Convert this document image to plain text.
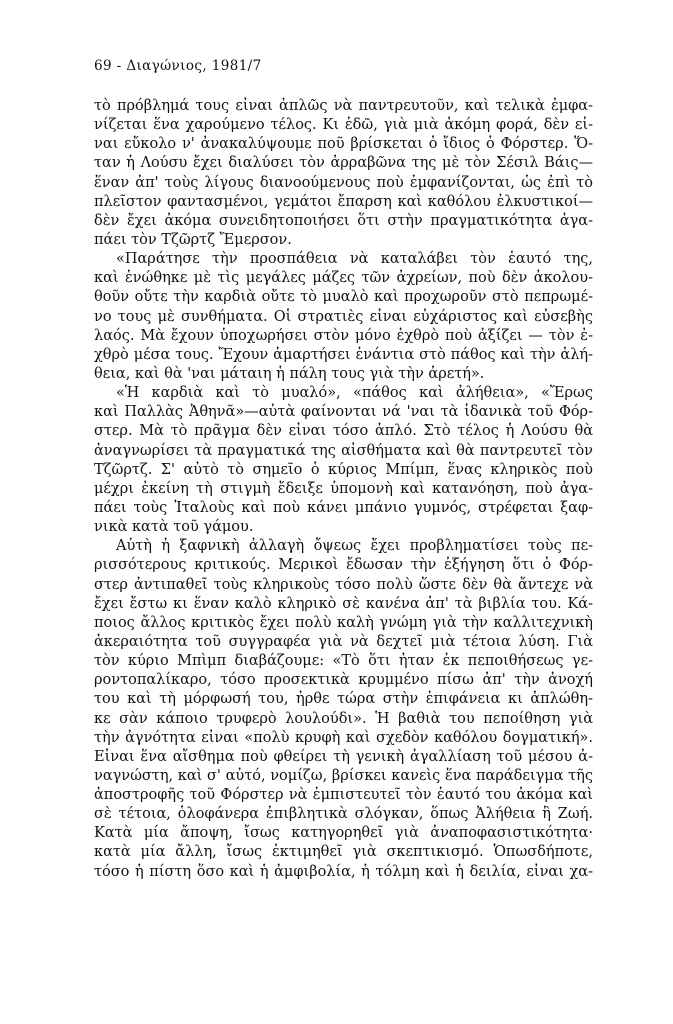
69 - Διαγώνιος, 1981/7
τὸ πρόβλημά τους εἶναι ἁπλῶς νὰ παντρευτοῦν, καὶ τελικὰ ἐμφα-
νίζεται ἕνα χαρούμενο τέλος. Κι ἐδῶ, γιὰ μιὰ ἀκόμη φορά, δὲν εἶ-
ναι εὔκολο ν' ἀνακαλύψουμε ποῦ βρίσκεται ὁ ἴδιος ὁ Φόρστερ. Ὅ-
ταν ἡ Λούσυ ἔχει διαλύσει τὸν ἀρραβῶνα της μὲ τὸν Σέσιλ Βάις—
ἕναν ἀπ' τοὺς λίγους διανοούμενους ποὺ ἐμφανίζονται, ὡς ἐπὶ τὸ
πλεῖστον φαντασμένοι, γεμάτοι ἔπαρση καὶ καθόλου ἑλκυστικοί—
δὲν ἔχει ἀκόμα συνειδητοποιήσει ὅτι στὴν πραγματικότητα ἀγα-
πάει τὸν Τζῶρτζ Ἔμερσον.
«Παράτησε τὴν προσπάθεια νὰ καταλάβει τὸν ἑαυτό της,
καὶ ἑνώθηκε μὲ τὶς μεγάλες μάζες τῶν ἀχρείων, ποὺ δὲν ἀκολου-
θοῦν οὔτε τὴν καρδιὰ οὔτε τὸ μυαλὸ καὶ προχωροῦν στὸ πεπρωμέ-
νο τους μὲ συνθήματα. Οἱ στρατιὲς εἶναι εὐχάριστος καὶ εὐσεβὴς
λαός. Μὰ ἔχουν ὑποχωρήσει στὸν μόνο ἐχθρὸ ποὺ ἀξίζει — τὸν ἐ-
χθρὸ μέσα τους. Ἔχουν ἁμαρτήσει ἐνάντια στὸ πάθος καὶ τὴν ἀλή-
θεια, καὶ θὰ 'ναι μάταιη ἡ πάλη τους γιὰ τὴν ἀρετή».
«Ἡ καρδιὰ καὶ τὸ μυαλό», «πάθος καὶ ἀλήθεια», «Ἔρως
καὶ Παλλὰς Ἀθηνᾶ»—αὐτὰ φαίνονται νά 'ναι τὰ ἰδανικὰ τοῦ Φόρ-
στερ. Μὰ τὸ πρᾶγμα δὲν εἶναι τόσο ἁπλό. Στὸ τέλος ἡ Λούσυ θὰ
ἀναγνωρίσει τὰ πραγματικά της αἰσθήματα καὶ θὰ παντρευτεῖ τὸν
Τζῶρτζ. Σ' αὐτὸ τὸ σημεῖο ὁ κύριος Μπίμπ, ἕνας κληρικὸς ποὺ
μέχρι ἐκείνη τὴ στιγμὴ ἔδειξε ὑπομονὴ καὶ κατανόηση, ποὺ ἀγα-
πάει τοὺς Ἰταλοὺς καὶ ποὺ κάνει μπάνιο γυμνός, στρέφεται ξαφ-
νικὰ κατὰ τοῦ γάμου.
Αὐτὴ ἡ ξαφνικὴ ἀλλαγὴ ὄψεως ἔχει προβληματίσει τοὺς πε-
ρισσότερους κριτικούς. Μερικοὶ ἔδωσαν τὴν ἐξήγηση ὅτι ὁ Φόρ-
στερ ἀντιπαθεῖ τοὺς κληρικοὺς τόσο πολὺ ὥστε δὲν θὰ ἄντεχε νὰ
ἔχει ἔστω κι ἕναν καλὸ κληρικὸ σὲ κανένα ἀπ' τὰ βιβλία του. Κά-
ποιος ἄλλος κριτικὸς ἔχει πολὺ καλὴ γνώμη γιὰ τὴν καλλιτεχνικὴ
ἀκεραιότητα τοῦ συγγραφέα γιὰ νὰ δεχτεῖ μιὰ τέτοια λύση. Γιὰ
τὸν κύριο Μπὶμπ διαβάζουμε: «Τὸ ὅτι ἦταν ἐκ πεποιθήσεως γε-
ροντοπαλίκαρο, τόσο προσεκτικὰ κρυμμένο πίσω ἀπ' τὴν ἀνοχή
του καὶ τὴ μόρφωσή του, ἦρθε τώρα στὴν ἐπιφάνεια κι ἁπλώθη-
κε σὰν κάποιο τρυφερὸ λουλούδι». Ἡ βαθιὰ του πεποίθηση γιὰ
τὴν ἀγνότητα εἶναι «πολὺ κρυφὴ καὶ σχεδὸν καθόλου δογματική».
Εἶναι ἕνα αἴσθημα ποὺ φθείρει τὴ γενικὴ ἀγαλλίαση τοῦ μέσου ἀ-
ναγνώστη, καὶ σ' αὐτό, νομίζω, βρίσκει κανεὶς ἕνα παράδειγμα τῆς
ἀποστροφῆς τοῦ Φόρστερ νὰ ἐμπιστευτεῖ τὸν ἑαυτό του ἀκόμα καὶ
σὲ τέτοια, ὁλοφάνερα ἐπιβλητικὰ σλόγκαν, ὅπως Ἀλήθεια ἢ Ζωή.
Κατὰ μία ἄποψη, ἴσως κατηγορηθεῖ γιὰ ἀναποφασιστικότητα·
κατὰ μία ἄλλη, ἴσως ἐκτιμηθεῖ γιὰ σκεπτικισμό. Ὁπωσδήποτε,
τόσο ἡ πίστη ὅσο καὶ ἡ ἀμφιβολία, ἡ τόλμη καὶ ἡ δειλία, εἶναι χα-
